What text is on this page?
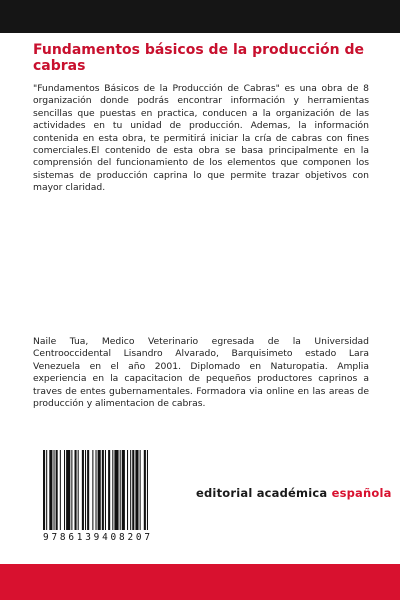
Fundamentos básicos de la producción de cabras

"Fundamentos Básicos de la Producción de Cabras" es una obra de 8 organización donde podrás encontrar información y herramientas sencillas que puestas en practica, conducen a la organización de las actividades en tu unidad de producción. Ademas, la información contenida en esta obra, te permitirá iniciar la cría de cabras con fines comerciales.El contenido de esta obra se basa principalmente en la comprensión del funcionamiento de los elementos que componen los sistemas de producción caprina lo que permite trazar objetivos con mayor claridad.

Naile Tua, Medico Veterinario egresada de la Universidad Centrooccidental Lisandro Alvarado, Barquisimeto estado Lara Venezuela en el año 2001. Diplomado en Naturopatia. Amplia experiencia en la capacitacion de pequeños productores caprinos a traves de entes gubernamentales. Formadora via online en las areas de producción y alimentacion de cabras.

9786139408207
editorial académica española
